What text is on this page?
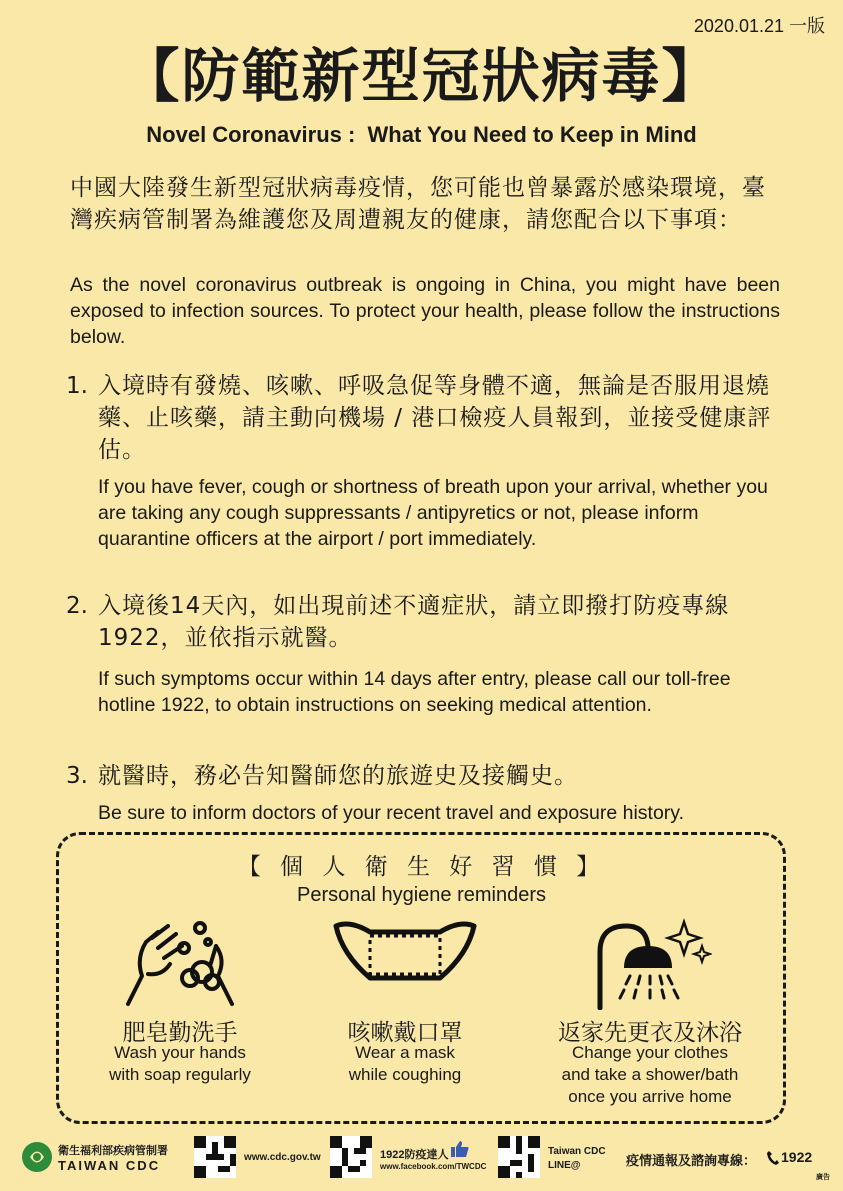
2020.01.21 一版
【防範新型冠狀病毒】
Novel Coronavirus :  What You Need to Keep in Mind
中國大陸發生新型冠狀病毒疫情，您可能也曾暴露於感染環境，臺灣疾病管制署為維護您及周遭親友的健康，請您配合以下事項：
As the novel coronavirus outbreak is ongoing in China, you might have been exposed to infection sources. To protect your health, please follow the instructions below.
1. 入境時有發燒、咳嗽、呼吸急促等身體不適，無論是否服用退燒藥、止咳藥，請主動向機場 / 港口檢疫人員報到，並接受健康評估。
If you have fever, cough or shortness of breath upon your arrival, whether you are taking any cough suppressants / antipyretics or not, please inform quarantine officers at the airport / port immediately.
2. 入境後14天內，如出現前述不適症狀，請立即撥打防疫專線1922，並依指示就醫。
If such symptoms occur within 14 days after entry, please call our toll-free hotline 1922, to obtain instructions on seeking medical attention.
3. 就醫時，務必告知醫師您的旅遊史及接觸史。
Be sure to inform doctors of your recent travel and exposure history.
【 個 人 衛 生 好 習 慣 】
Personal hygiene reminders
肥皂勤洗手
Wash your hands
with soap regularly
咳嗽戴口罩
Wear a mask
while coughing
返家先更衣及沐浴
Change your clothes
and take a shower/bath
once you arrive home
衛生福利部疾病管制署
TAIWAN CDC
www.cdc.gov.tw	1922防疫達人
www.facebook.com/TWCDC
Taiwan CDC
LINE@	疫情通報及諮詢專線： 1922
廣告
